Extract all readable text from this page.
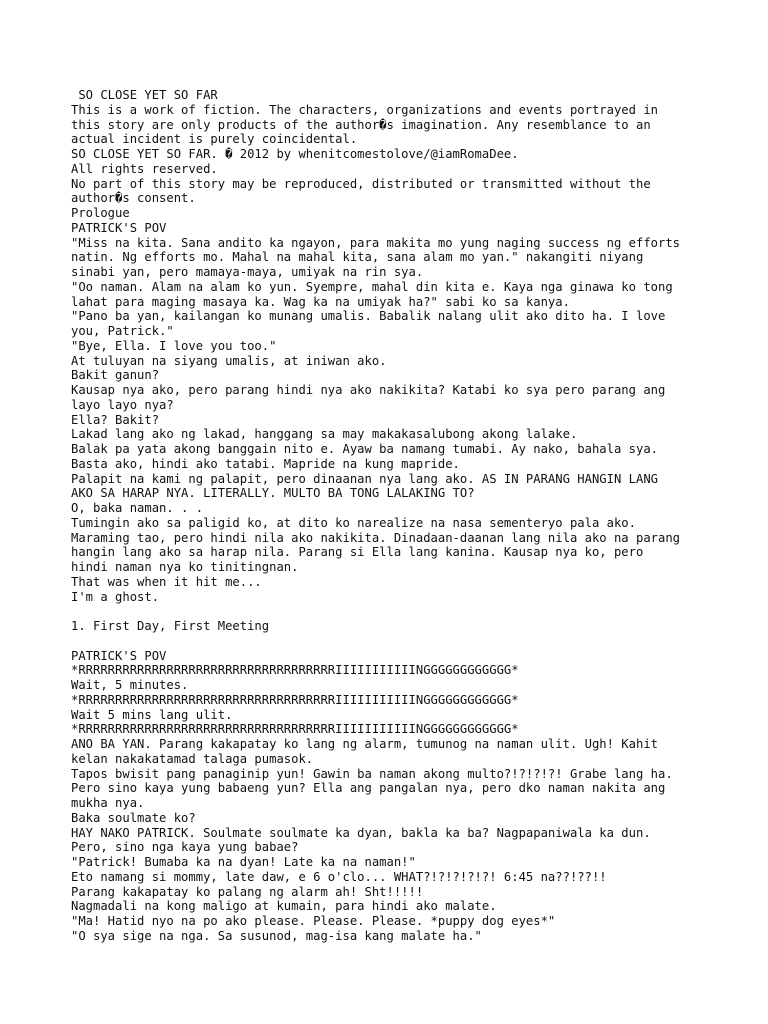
SO CLOSE YET SO FAR
This is a work of fiction. The characters, organizations and events portrayed in
this story are only products of the author�s imagination. Any resemblance to an
actual incident is purely coincidental.
SO CLOSE YET SO FAR. � 2012 by whenitcomestolove/@iamRomaDee.
All rights reserved.
No part of this story may be reproduced, distributed or transmitted without the
author�s consent.
Prologue
PATRICK'S POV
"Miss na kita. Sana andito ka ngayon, para makita mo yung naging success ng efforts
natin. Ng efforts mo. Mahal na mahal kita, sana alam mo yan." nakangiti niyang
sinabi yan, pero mamaya-maya, umiyak na rin sya.
"Oo naman. Alam na alam ko yun. Syempre, mahal din kita e. Kaya nga ginawa ko tong
lahat para maging masaya ka. Wag ka na umiyak ha?" sabi ko sa kanya.
"Pano ba yan, kailangan ko munang umalis. Babalik nalang ulit ako dito ha. I love
you, Patrick."
"Bye, Ella. I love you too."
At tuluyan na siyang umalis, at iniwan ako.
Bakit ganun?
Kausap nya ako, pero parang hindi nya ako nakikita? Katabi ko sya pero parang ang
layo layo nya?
Ella? Bakit?
Lakad lang ako ng lakad, hanggang sa may makakasalubong akong lalake.
Balak pa yata akong banggain nito e. Ayaw ba namang tumabi. Ay nako, bahala sya.
Basta ako, hindi ako tatabi. Mapride na kung mapride.
Palapit na kami ng palapit, pero dinaanan nya lang ako. AS IN PARANG HANGIN LANG
AKO SA HARAP NYA. LITERALLY. MULTO BA TONG LALAKING TO?
O, baka naman. . .
Tumingin ako sa paligid ko, at dito ko narealize na nasa sementeryo pala ako.
Maraming tao, pero hindi nila ako nakikita. Dinadaan-daanan lang nila ako na parang
hangin lang ako sa harap nila. Parang si Ella lang kanina. Kausap nya ko, pero
hindi naman nya ko tinitingnan.
That was when it hit me...
I'm a ghost.
1. First Day, First Meeting
PATRICK'S POV
*RRRRRRRRRRRRRRRRRRRRRRRRRRRRRRRRRRRIIIIIIIIIIINGGGGGGGGGGGG*
Wait, 5 minutes.
*RRRRRRRRRRRRRRRRRRRRRRRRRRRRRRRRRRRIIIIIIIIIIINGGGGGGGGGGGG*
Wait 5 mins lang ulit.
*RRRRRRRRRRRRRRRRRRRRRRRRRRRRRRRRRRRIIIIIIIIIIINGGGGGGGGGGGG*
ANO BA YAN. Parang kakapatay ko lang ng alarm, tumunog na naman ulit. Ugh! Kahit
kelan nakakatamad talaga pumasok.
Tapos bwisit pang panaginip yun! Gawin ba naman akong multo?!?!?!?! Grabe lang ha.
Pero sino kaya yung babaeng yun? Ella ang pangalan nya, pero dko naman nakita ang
mukha nya.
Baka soulmate ko?
HAY NAKO PATRICK. Soulmate soulmate ka dyan, bakla ka ba? Nagpapaniwala ka dun.
Pero, sino nga kaya yung babae?
"Patrick! Bumaba ka na dyan! Late ka na naman!"
Eto namang si mommy, late daw, e 6 o'clo... WHAT?!?!?!?!?! 6:45 na??!??!!
Parang kakapatay ko palang ng alarm ah! Sht!!!!!
Nagmadali na kong maligo at kumain, para hindi ako malate.
"Ma! Hatid nyo na po ako please. Please. Please. *puppy dog eyes*"
"O sya sige na nga. Sa susunod, mag-isa kang malate ha."
